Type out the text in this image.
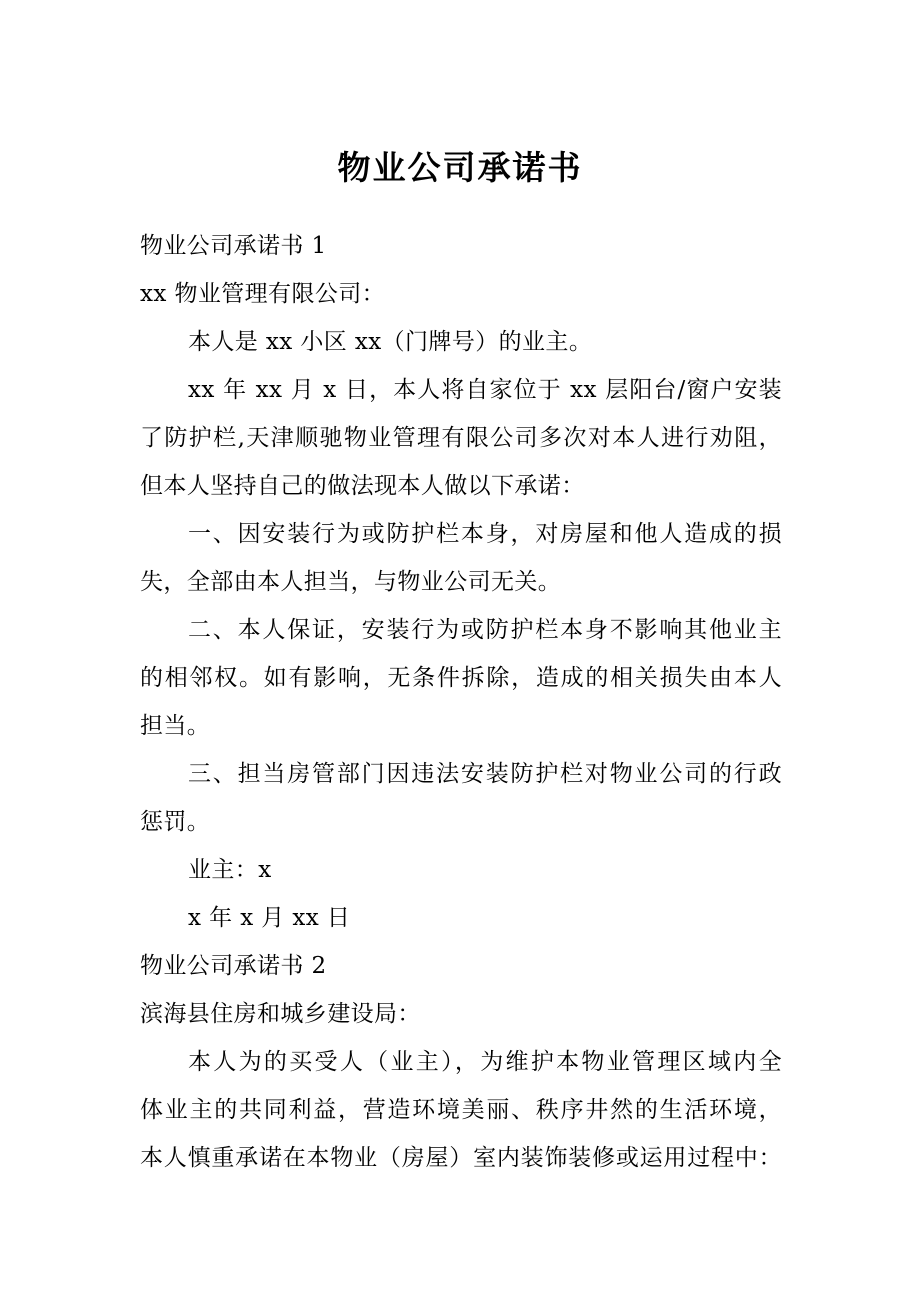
物业公司承诺书

物业公司承诺书 1

xx 物业管理有限公司：

本人是 xx 小区 xx（门牌号）的业主。

xx 年 xx 月 x 日，本人将自家位于 xx 层阳台/窗户安装

了防护栏,天津顺驰物业管理有限公司多次对本人进行劝阻，

但本人坚持自己的做法现本人做以下承诺：

一、因安装行为或防护栏本身，对房屋和他人造成的损

失，全部由本人担当，与物业公司无关。

二、本人保证，安装行为或防护栏本身不影响其他业主

的相邻权。如有影响，无条件拆除，造成的相关损失由本人

担当。

三、担当房管部门因违法安装防护栏对物业公司的行政

惩罚。

业主：x

x 年 x 月 xx 日

物业公司承诺书 2

滨海县住房和城乡建设局：

本人为的买受人（业主），为维护本物业管理区域内全

体业主的共同利益，营造环境美丽、秩序井然的生活环境，

本人慎重承诺在本物业（房屋）室内装饰装修或运用过程中：
